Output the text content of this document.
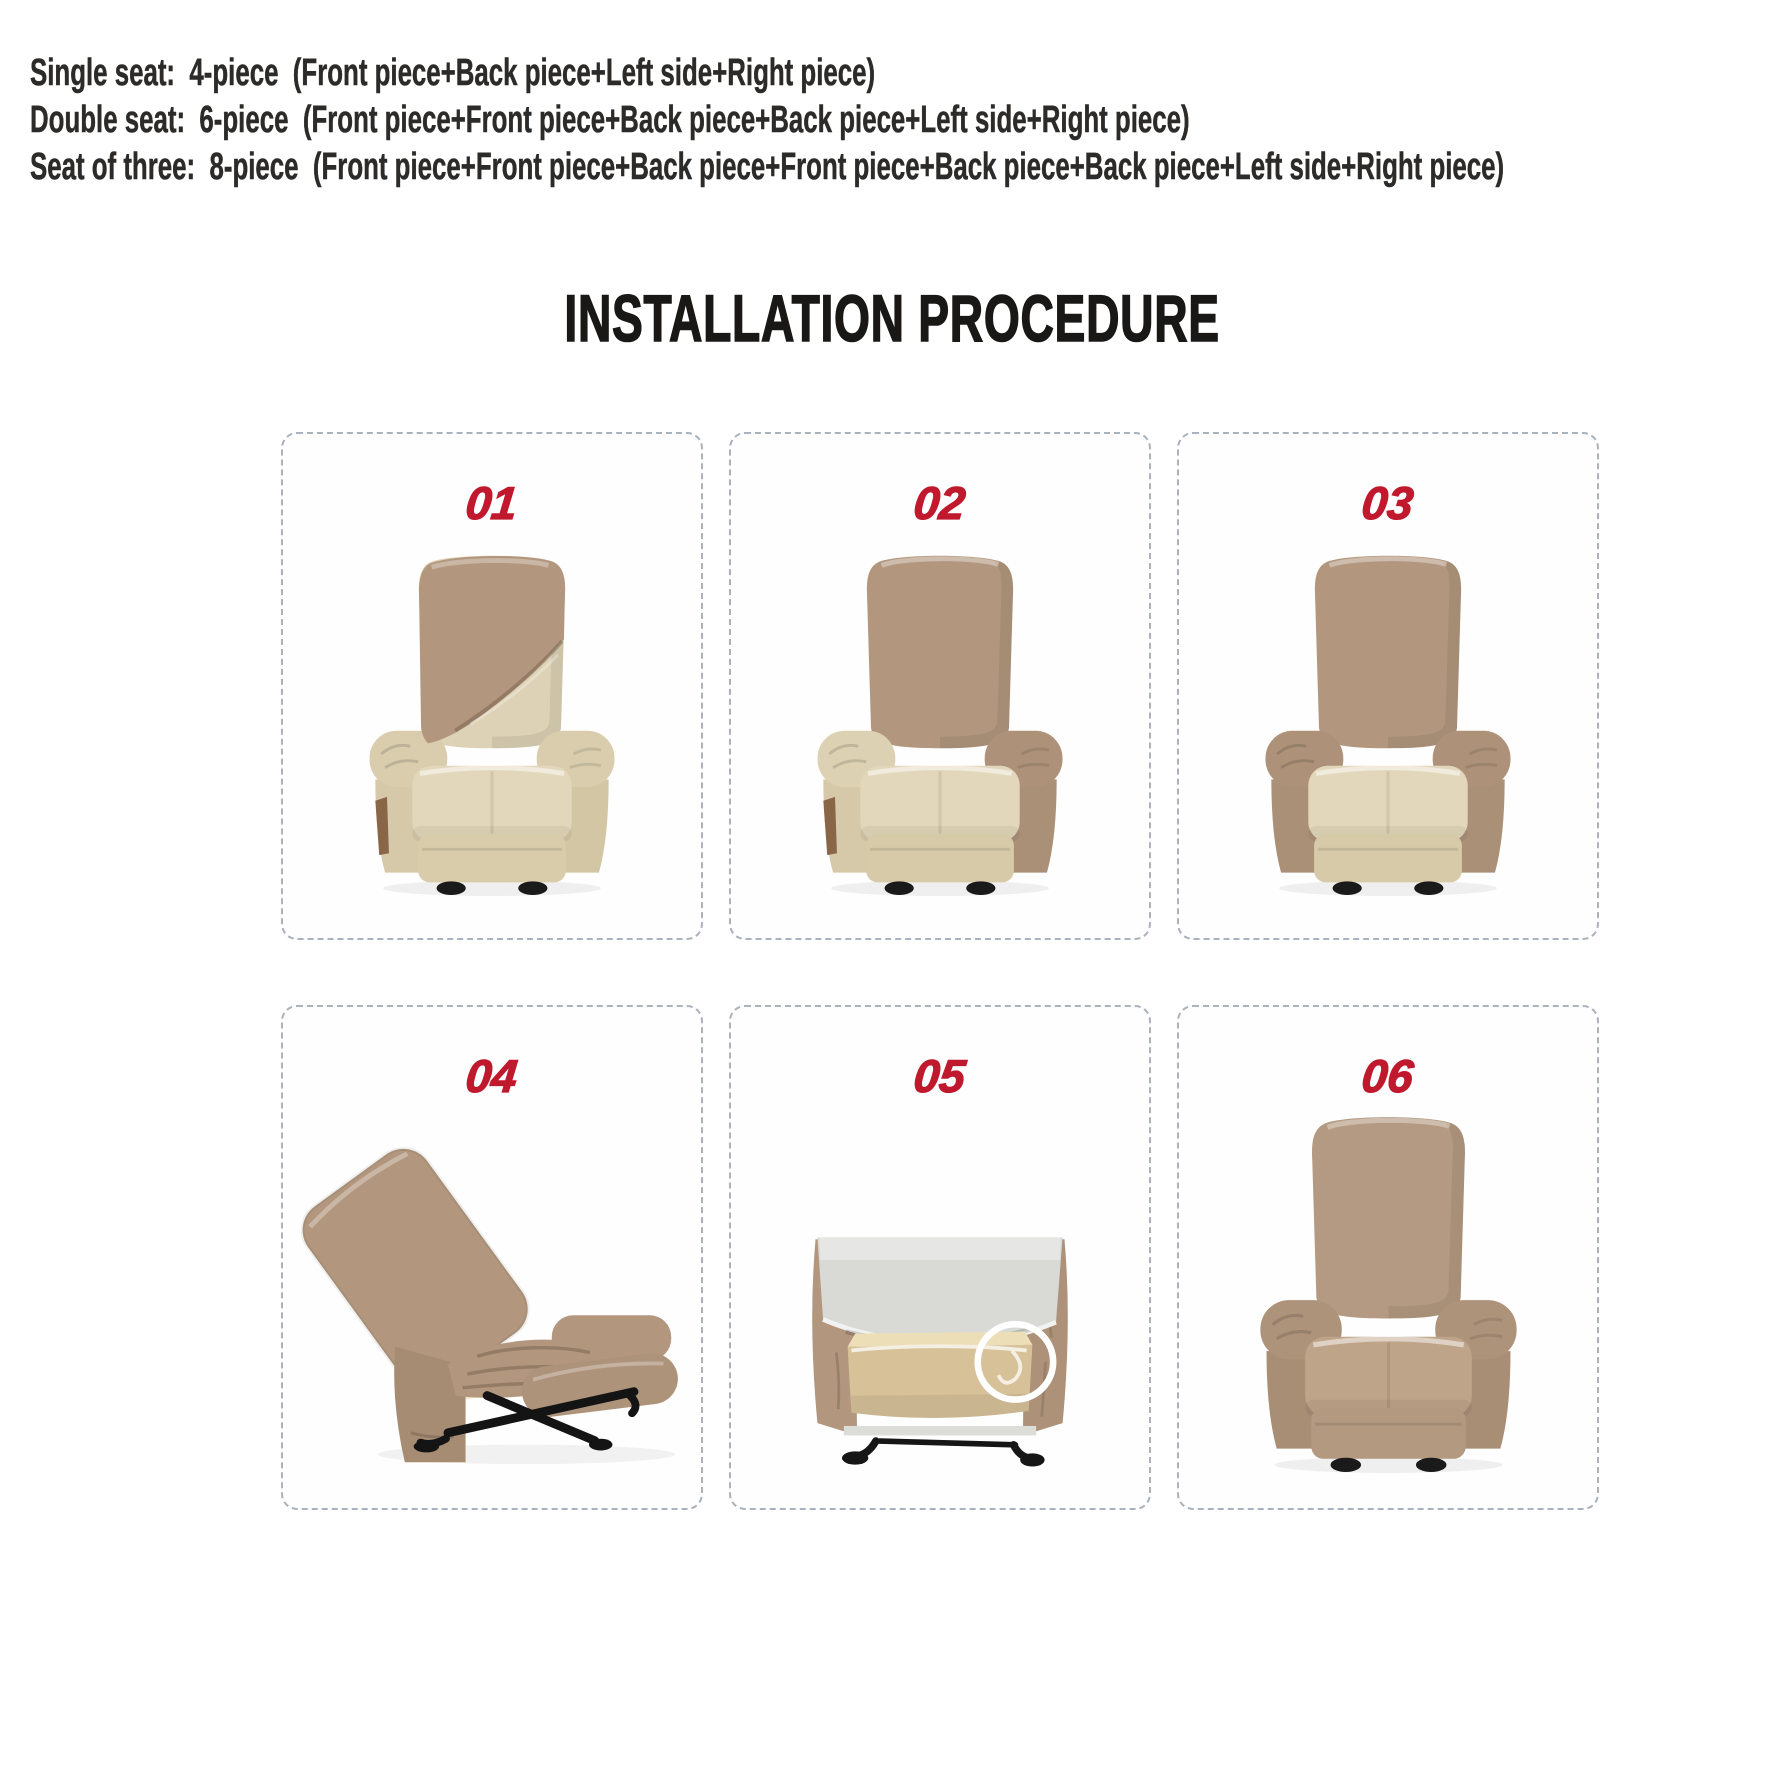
Single seat:  4-piece  (Front piece+Back piece+Left side+Right piece)
Double seat:  6-piece  (Front piece+Front piece+Back piece+Back piece+Left side+Right piece)
Seat of three:  8-piece  (Front piece+Front piece+Back piece+Front piece+Back piece+Back piece+Left side+Right piece)
INSTALLATION PROCEDURE
01	02	03
04	05	06
